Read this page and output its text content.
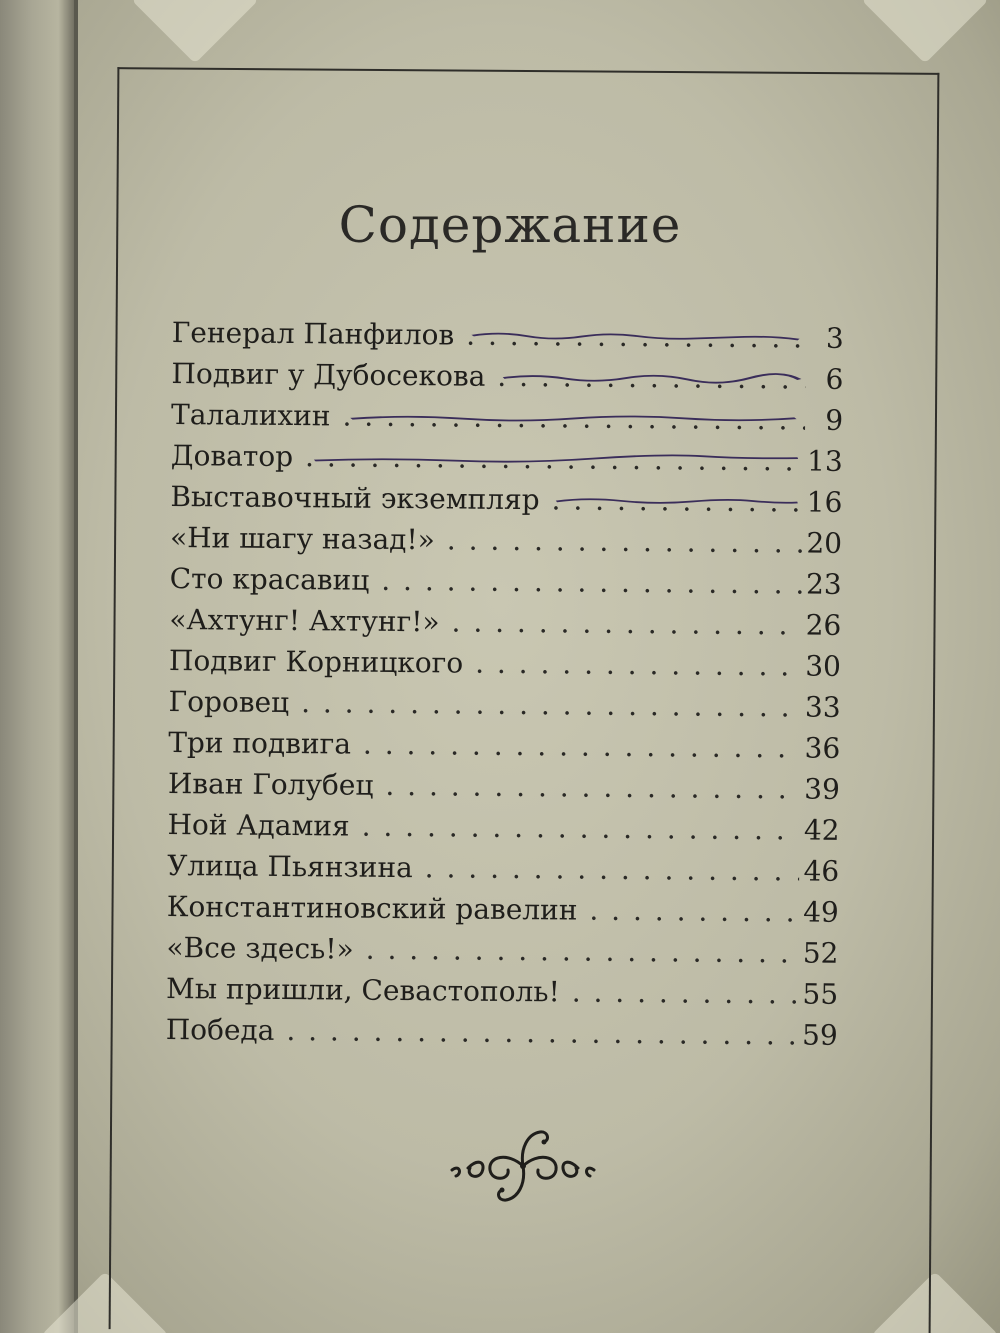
Содержание
Генерал Панфилов . . .	3
Подвиг у Дубосекова . . .	6
Талалихин . . .	9
Доватор . . .	13
Выставочный экземпляр . . .	16
«Ни шагу назад!» . . .	20
Сто красавиц . . .	23
«Ахтунг! Ахтунг!» . . .	26
Подвиг Корницкого . . .	30
Горовец . . .	33
Три подвига . . .	36
Иван Голубец . . .	39
Ной Адамия . . .	42
Улица Пьянзина . . .	46
Константиновский равелин . . .	49
«Все здесь!» . . .	52
Мы пришли, Севастополь! . . .	55
Победа . . .	59
